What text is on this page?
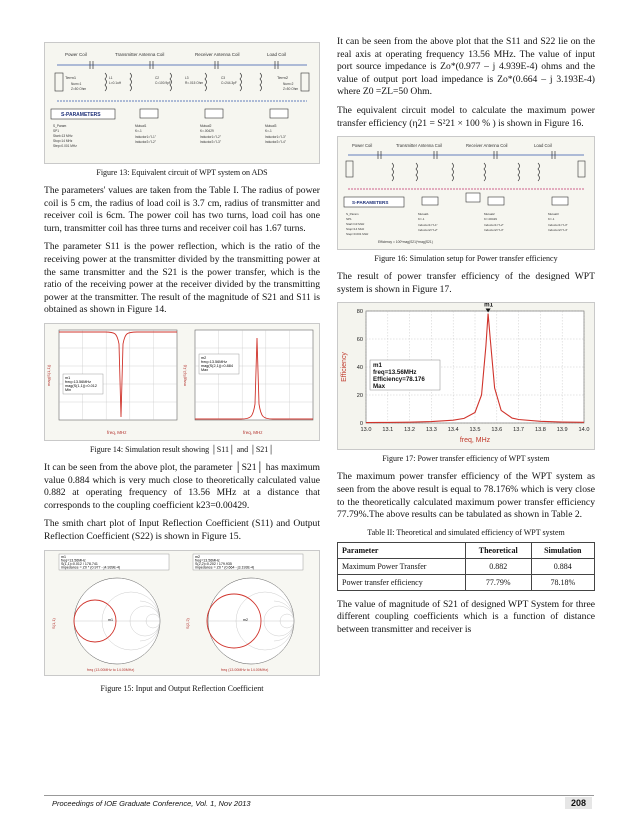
Power Coil	Transmitter Antenna Coil	Receiver Antenna Coil	Load Coil
Term1	Term2
Num=1
Z=50 Ohm
L1
L=0.1uH
C2
C=100.9pF
L3
R=.015 Ohm
C3
C=244.3pF	Num=2
Z=50 Ohm
S-PARAMETERS
S_Param
SP1
Start=13 MHz
Stop=14 MHz
Step=0.001 MHz
Mutual1
K=-1
Inductor1="L1"
Inductor2="L2"
Mutual2
K=.00429
Inductor1="L2"
Inductor2="L3"
Mutual3
K=-1
Inductor1="L3"
Inductor2="L4"
Figure 13: Equivalent circuit of WPT system on ADS

The parameters' values are taken from the Table I. The radius of power coil is 5 cm, the radius of load coil is 3.7 cm, radius of transmitter and receiver coil is 6cm. The power coil has two turns, load coil has one turn, transmitter coil has three turns and receiver coil has 1.67 turns.

The parameter S11 is the power reflection, which is the ratio of the receiving power at the transmitter divided by the transmitting power at the same transmitter and the S21 is the power transfer, which is the ratio of the receiving power at the receiver divided by the transmitting power at the transmitter. The result of the magnitude of S21 and S11 is obtained as shown in Figure 14.

mag(S(1,1))
freq, MHz
m1
freq=13.56MHz
mag(S(1,1))=0.012
Min
mag(S(2,1))
freq, MHz
m2
freq=13.56MHz
mag(S(2,1))=0.884
Max
Figure 14: Simulation result showing │S11│ and │S21│

It can be seen from the above plot, the parameter │S21│ has maximum value 0.884 which is very much close to theoretically calculated value 0.882 at operating frequency of 13.56 MHz at a distance that corresponds to the coupling coefficient k23=0.00429.

The smith chart plot of Input Reflection Coefficient (S11) and Output Reflection Coefficient (S22) is shown in Figure 15.

m1
freq=13.56MHz
S(1,1)=0.012 / 178.741
impedance = Z0 * (0.977 - j4.939E-4)
S(1,1)	m1
freq (13.00MHz to 14.00MHz)
m2
freq=13.56MHz
S(2,2)=0.202 / 179.935
impedance = Z0 * (0.664 - j3.193E-4)
S(2,2)	m2
freq (13.00MHz to 14.00MHz)
Figure 15: Input and Output Reflection Coefficient

It can be seen from the above plot that the S11 and S22 lie on the real axis at operating frequency 13.56 MHz. The value of input port source impedance is Zo*(0.977 – j 4.939E-4) ohms and the value of output port load impedance is Zo*(0.664 – j 3.193E-4) where Z0 =ZL=50 Ohm.

The equivalent circuit model to calculate the maximum power transfer efficiency (η21 = S²21 × 100 % ) is shown in Figure 16.

Power Coil	Transmitter Antenna Coil	Receiver Antenna Coil	Load Coil
S-PARAMETERS
S_Param
SP1
Start=13 MHz
Stop=14 MHz
Step=0.001 MHz
Mutual1
K=-1
Inductor1="L1"
Inductor2="L2"
Mutual2
K=.00429
Inductor1="L2"
Inductor2="L3"
Mutual3
K=-1
Inductor1="L3"
Inductor2="L4"
Efficiency = 100*mag(S21)*mag(S21)
Figure 16: Simulation setup for Power transfer efficiency

The result of power transfer efficiency of the designed WPT system is shown in Figure 17.

13.0 13.1 13.2 13.3 13.4 13.5 13.6 13.7 13.8 13.9 14.0
0
20
40
60
80
m1
m1
freq=13.56MHz
Efficiency=78.176
Max
Efficiency
freq, MHz
Figure 17: Power transfer efficiency of WPT system

The maximum power transfer efficiency of the WPT system as seen from the above result is equal to 78.176% which is very close to the theoretically calculated maximum power transfer efficiency 77.79%.The above results can be tabulated as shown in Table 2.

Table II: Theoretical and simulated efficiency of WPT system
Parameter	Theoretical	Simulation
Maximum Power Transfer	0.882	0.884
Power transfer efficiency	77.79%	78.18%

The value of magnitude of S21 of designed WPT System for three different coupling coefficients which is a function of distance between transmitter and receiver is

Proceedings of IOE Graduate Conference, Vol. 1, Nov 2013	208
